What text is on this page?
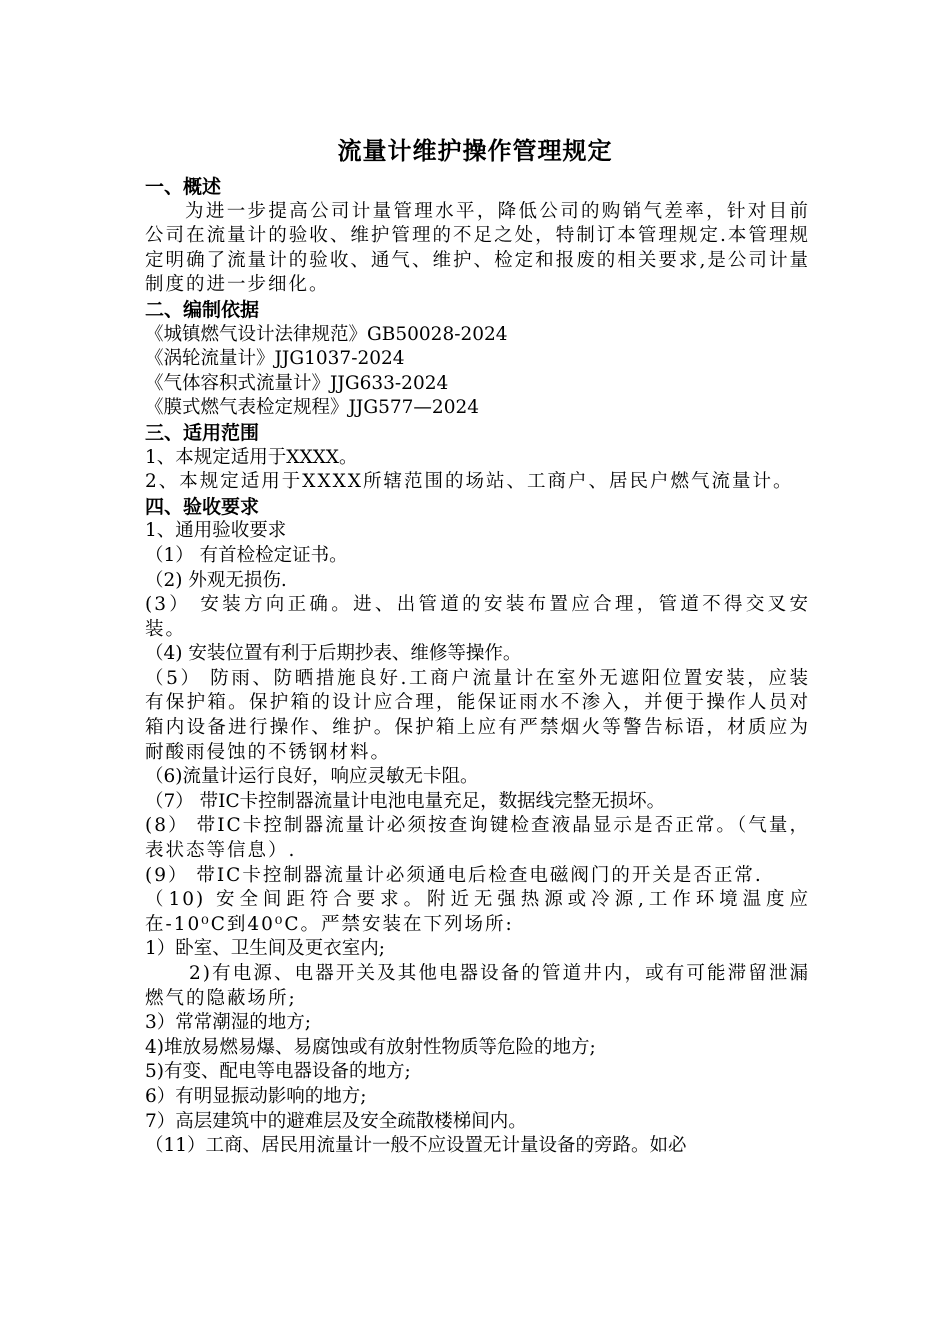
流量计维护操作管理规定

一、概述

为进一步提高公司计量管理水平，降低公司的购销气差率，针对目前公司在流量计的验收、维护管理的不足之处，特制订本管理规定.本管理规定明确了流量计的验收、通气、维护、检定和报废的相关要求,是公司计量制度的进一步细化。

二、编制依据

《城镇燃气设计法律规范》GB50028-2024

《涡轮流量计》JJG1037-2024

《气体容积式流量计》JJG633-2024

《膜式燃气表检定规程》JJG577—2024

三、适用范围

1、本规定适用于XXXX。

2、本规定适用于XXXX所辖范围的场站、工商户、居民户燃气流量计。

四、验收要求

1、通用验收要求

（1） 有首检检定证书。

（2) 外观无损伤.

(3） 安装方向正确。进、出管道的安装布置应合理，管道不得交叉安装。

（4) 安装位置有利于后期抄表、维修等操作。

（5） 防雨、防晒措施良好.工商户流量计在室外无遮阳位置安装，应装有保护箱。保护箱的设计应合理，能保证雨水不渗入，并便于操作人员对箱内设备进行操作、维护。保护箱上应有严禁烟火等警告标语，材质应为耐酸雨侵蚀的不锈钢材料。

（6)流量计运行良好，响应灵敏无卡阻。

（7） 带IC卡控制器流量计电池电量充足，数据线完整无损坏。

(8） 带IC卡控制器流量计必须按查询键检查液晶显示是否正常。（气量，表状态等信息）.

(9） 带IC卡控制器流量计必须通电后检查电磁阀门的开关是否正常.

（10) 安全间距符合要求。附近无强热源或冷源,工作环境温度应在-10⁰C到40⁰C。严禁安装在下列场所:

1）卧室、卫生间及更衣室内;

2)有电源、电器开关及其他电器设备的管道井内，或有可能滞留泄漏燃气的隐蔽场所;

3）常常潮湿的地方;

4)堆放易燃易爆、易腐蚀或有放射性物质等危险的地方;

5)有变、配电等电器设备的地方;

6）有明显振动影响的地方;

7）高层建筑中的避难层及安全疏散楼梯间内。

（11）工商、居民用流量计一般不应设置无计量设备的旁路。如必
